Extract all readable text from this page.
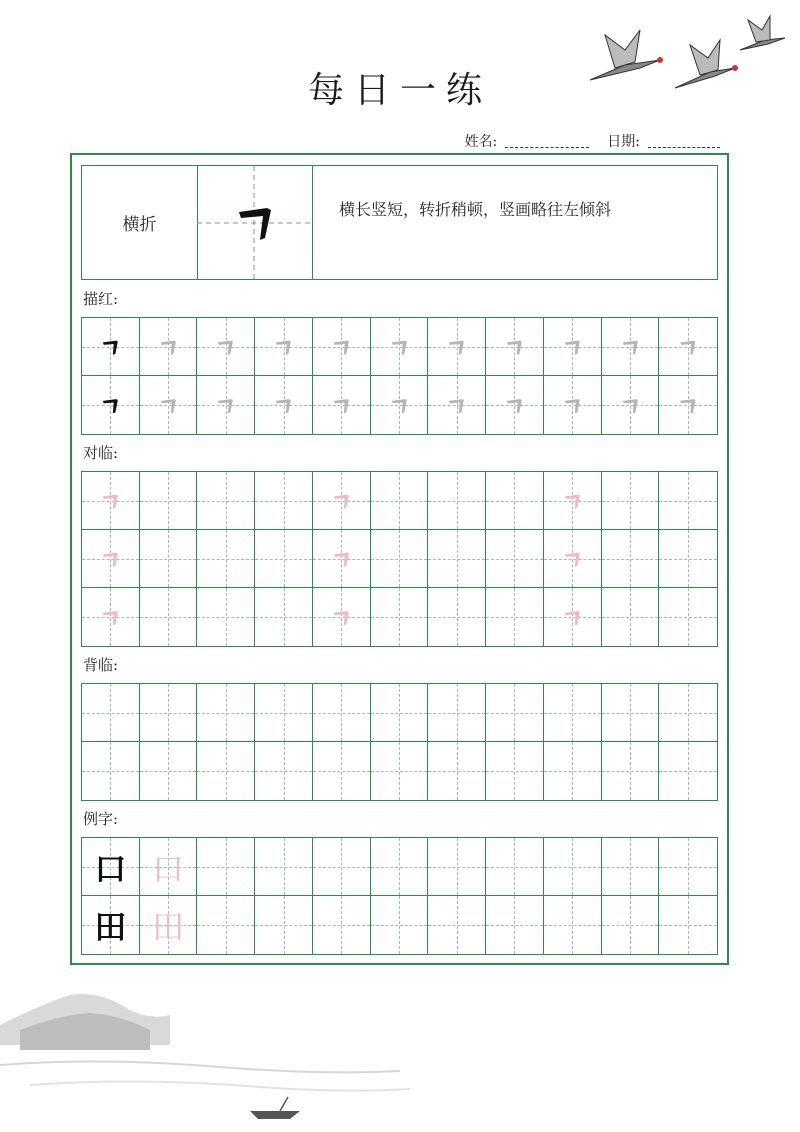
每日一练
姓名:	日期:
横折
横长竖短，转折稍顿，竖画略往左倾斜
描红:
对临:
背临:
例字:
口 口
田 田
